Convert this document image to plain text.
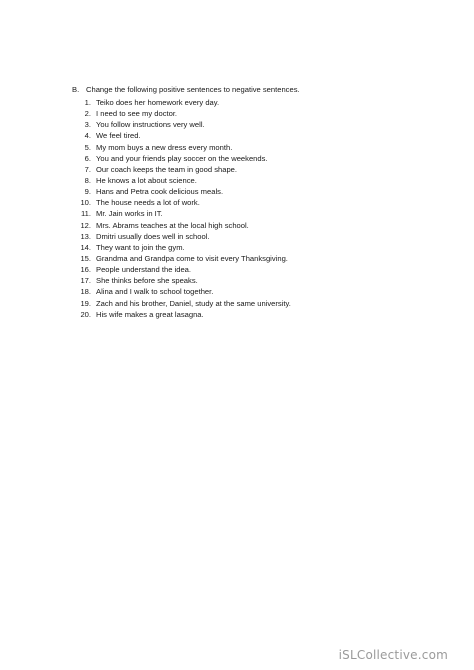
B. Change the following positive sentences to negative sentences.
1. Teiko does her homework every day.
2. I need to see my doctor.
3. You follow instructions very well.
4. We feel tired.
5. My mom buys a new dress every month.
6. You and your friends play soccer on the weekends.
7. Our coach keeps the team in good shape.
8. He knows a lot about science.
9. Hans and Petra cook delicious meals.
10. The house needs a lot of work.
11. Mr. Jain works in IT.
12. Mrs. Abrams teaches at the local high school.
13. Dmitri usually does well in school.
14. They want to join the gym.
15. Grandma and Grandpa come to visit every Thanksgiving.
16. People understand the idea.
17. She thinks before she speaks.
18. Alina and I walk to school together.
19. Zach and his brother, Daniel, study at the same university.
20. His wife makes a great lasagna.
iSLCollective.com
